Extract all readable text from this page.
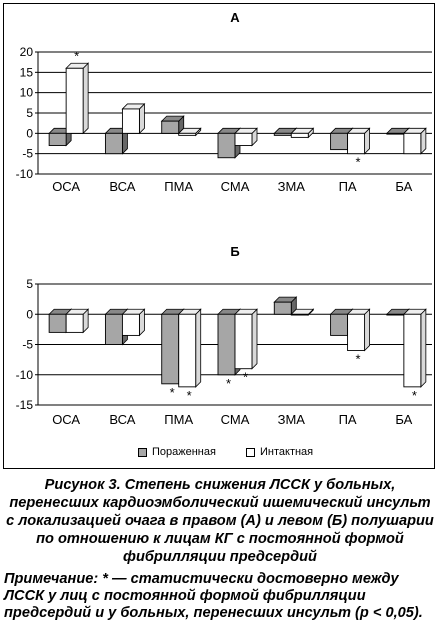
А
-10
-5
0
5
10
15
20
ОСА ВСА ПМА СМА ЗМА	ПА	БА
*
*
Б
-15
-10
-5
0
5
ОСА ВСА ПМА СМА ЗМА	ПА	БА
* *
* *
*
*
Пораженная	Интактная
Рисунок 3. Степень снижения ЛССК у больных, перенесших кардиоэмболический ишемический инсульт с локализацией очага в правом (А) и левом (Б) полушарии по отношению к лицам КГ с постоянной формой фибрилляции предсердий
Примечание: * — статистически достоверно между ЛССК у лиц с постоянной формой фибрилляции предсердий и у больных, перенесших инсульт (p < 0,05).
